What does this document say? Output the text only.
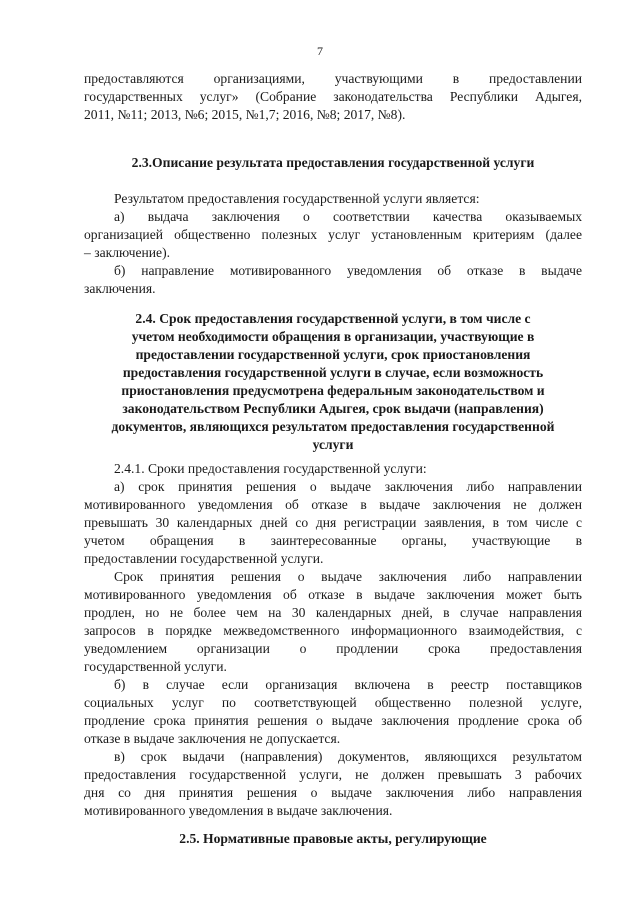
7

предоставляются организациями, участвующими в предоставлении

государственных услуг» (Собрание законодательства Республики Адыгея,

2011, №11; 2013, №6; 2015, №1,7; 2016, №8; 2017, №8).

2.3.Описание результата предоставления государственной услуги

Результатом предоставления государственной услуги является:

а) выдача заключения о соответствии качества оказываемых

организацией общественно полезных услуг установленным критериям (далее

– заключение).

б) направление мотивированного уведомления об отказе в выдаче

заключения.

2.4. Срок предоставления государственной услуги, в том числе с

учетом необходимости обращения в организации, участвующие в

предоставлении государственной услуги, срок приостановления

предоставления государственной услуги в случае, если возможность

приостановления предусмотрена федеральным законодательством и

законодательством Республики Адыгея, срок выдачи (направления)

документов, являющихся результатом предоставления государственной

услуги

2.4.1. Сроки предоставления государственной услуги:

а) срок принятия решения о выдаче заключения либо направлении

мотивированного уведомления об отказе в выдаче заключения не должен

превышать 30 календарных дней со дня регистрации заявления, в том числе с

учетом обращения в заинтересованные органы, участвующие в

предоставлении государственной услуги.

Срок принятия решения о выдаче заключения либо направлении

мотивированного уведомления об отказе в выдаче заключения может быть

продлен, но не более чем на 30 календарных дней, в случае направления

запросов в порядке межведомственного информационного взаимодействия, с

уведомлением организации о продлении срока предоставления

государственной услуги.

б) в случае если организация включена в реестр поставщиков

социальных услуг по соответствующей общественно полезной услуге,

продление срока принятия решения о выдаче заключения продление срока об

отказе в выдаче заключения не допускается.

в) срок выдачи (направления) документов, являющихся результатом

предоставления государственной услуги, не должен превышать 3 рабочих

дня со дня принятия решения о выдаче заключения либо направления

мотивированного уведомления в выдаче заключения.

2.5. Нормативные правовые акты, регулирующие
